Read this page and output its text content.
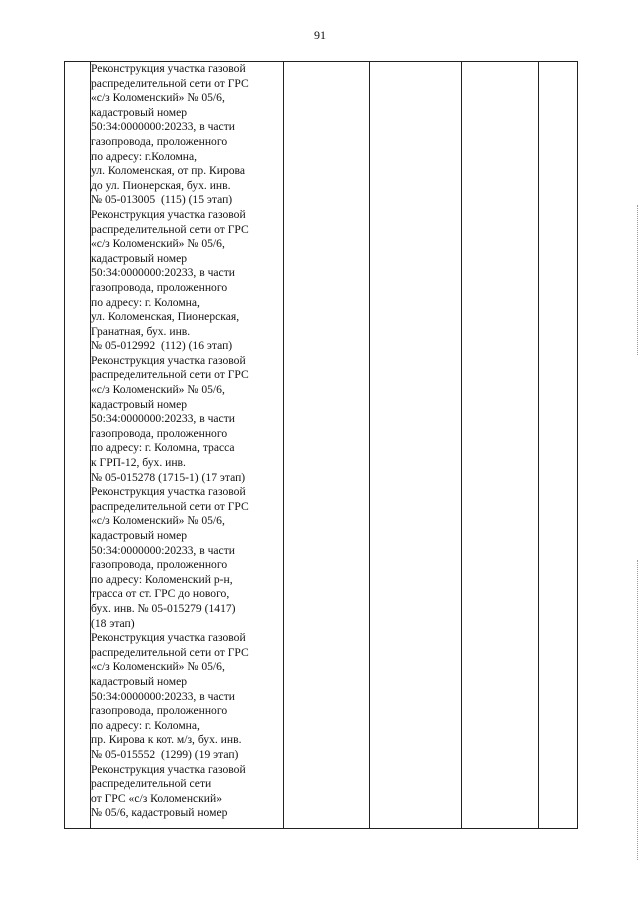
91

Реконструкция участка газовой
распределительной сети от ГРС
«с/з Коломенский» № 05/6,
кадастровый номер
50:34:0000000:20233, в части
газопровода, проложенного
по адресу: г.Коломна,
ул. Коломенская, от пр. Кирова
до ул. Пионерская, бух. инв.
№ 05-013005  (115) (15 этап)
Реконструкция участка газовой
распределительной сети от ГРС
«с/з Коломенский» № 05/6,
кадастровый номер
50:34:0000000:20233, в части
газопровода, проложенного
по адресу: г. Коломна,
ул. Коломенская, Пионерская,
Гранатная, бух. инв.
№ 05-012992  (112) (16 этап)
Реконструкция участка газовой
распределительной сети от ГРС
«с/з Коломенский» № 05/6,
кадастровый номер
50:34:0000000:20233, в части
газопровода, проложенного
по адресу: г. Коломна, трасса
к ГРП-12, бух. инв.
№ 05-015278 (1715-1) (17 этап)
Реконструкция участка газовой
распределительной сети от ГРС
«с/з Коломенский» № 05/6,
кадастровый номер
50:34:0000000:20233, в части
газопровода, проложенного
по адресу: Коломенский р-н,
трасса от ст. ГРС до нового,
бух. инв. № 05-015279 (1417)
(18 этап)
Реконструкция участка газовой
распределительной сети от ГРС
«с/з Коломенский» № 05/6,
кадастровый номер
50:34:0000000:20233, в части
газопровода, проложенного
по адресу: г. Коломна,
пр. Кирова к кот. м/з, бух. инв.
№ 05-015552  (1299) (19 этап)
Реконструкция участка газовой
распределительной сети
от ГРС «с/з Коломенский»
№ 05/6, кадастровый номер
